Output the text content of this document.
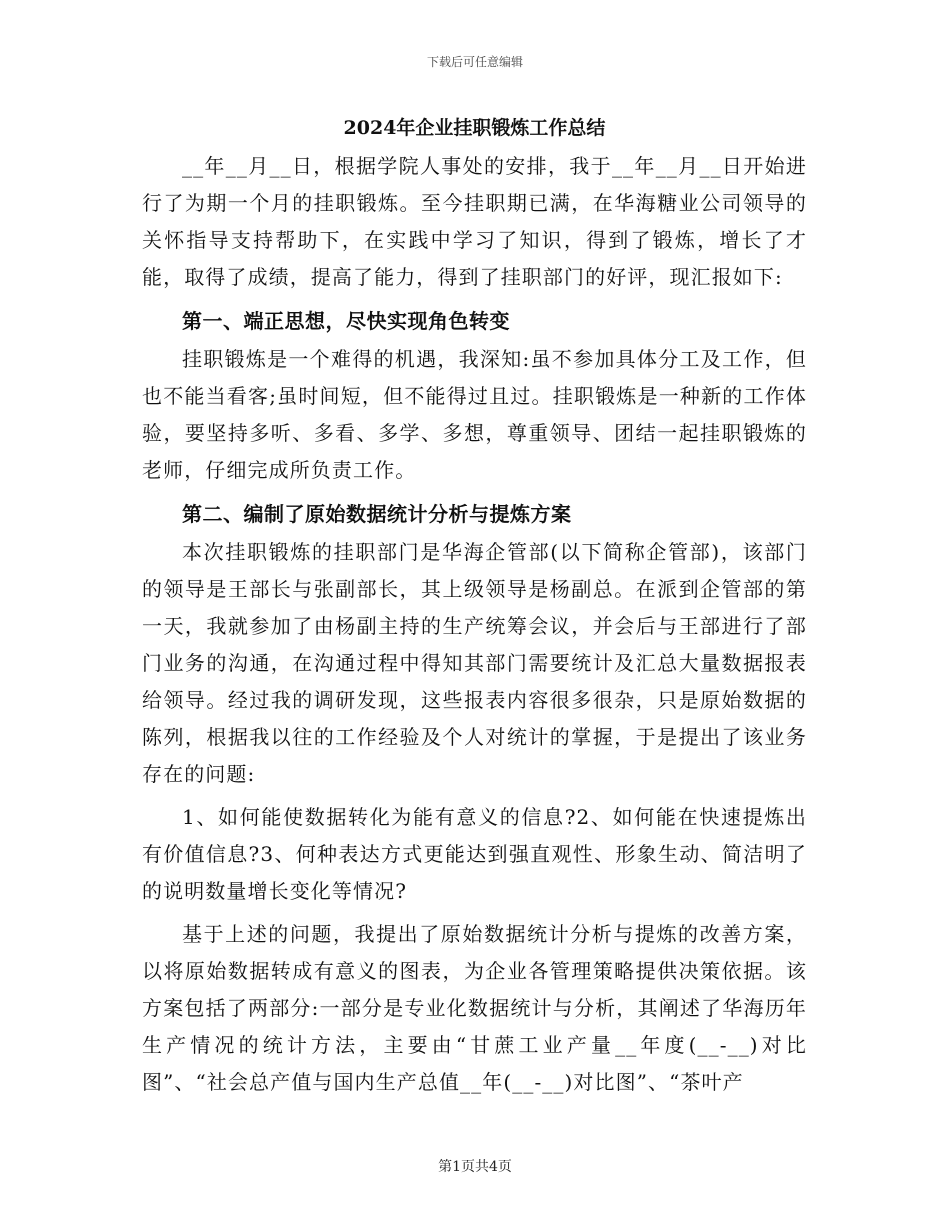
下载后可任意编辑
2024年企业挂职锻炼工作总结

__年__月__日，根据学院人事处的安排，我于__年__月__日开始进行了为期一个月的挂职锻炼。至今挂职期已满，在华海糖业公司领导的关怀指导支持帮助下，在实践中学习了知识，得到了锻炼，增长了才能，取得了成绩，提高了能力，得到了挂职部门的好评，现汇报如下:

第一、端正思想，尽快实现角色转变

挂职锻炼是一个难得的机遇，我深知:虽不参加具体分工及工作，但也不能当看客;虽时间短，但不能得过且过。挂职锻炼是一种新的工作体验，要坚持多听、多看、多学、多想，尊重领导、团结一起挂职锻炼的老师，仔细完成所负责工作。

第二、编制了原始数据统计分析与提炼方案

本次挂职锻炼的挂职部门是华海企管部(以下简称企管部)，该部门的领导是王部长与张副部长，其上级领导是杨副总。在派到企管部的第一天，我就参加了由杨副主持的生产统筹会议，并会后与王部进行了部门业务的沟通，在沟通过程中得知其部门需要统计及汇总大量数据报表给领导。经过我的调研发现，这些报表内容很多很杂，只是原始数据的陈列，根据我以往的工作经验及个人对统计的掌握，于是提出了该业务存在的问题:

1、如何能使数据转化为能有意义的信息?2、如何能在快速提炼出有价值信息?3、何种表达方式更能达到强直观性、形象生动、简洁明了的说明数量增长变化等情况?

基于上述的问题，我提出了原始数据统计分析与提炼的改善方案，以将原始数据转成有意义的图表，为企业各管理策略提供决策依据。该方案包括了两部分:一部分是专业化数据统计与分析，其阐述了华海历年生产情况的统计方法，主要由“甘蔗工业产量__年度(__-__)对比图”、“社会总产值与国内生产总值__年(__-__)对比图”、“茶叶产

第1页共4页
